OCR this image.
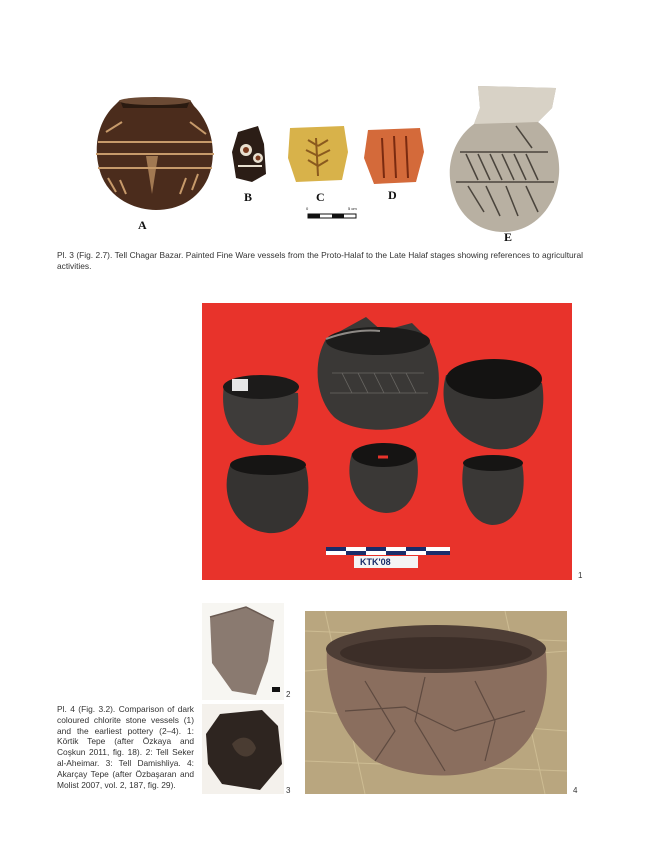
A
B	C	D
E
0	5 cm
Pl. 3 (Fig. 2.7). Tell Chagar Bazar. Painted Fine Ware vessels from the Proto-Halaf to the Late Halaf stages showing references to agricultural activities.
KTK'08
1
2
3	4
Pl. 4 (Fig. 3.2). Comparison of dark coloured chlorite stone vessels (1) and the earliest pottery (2–4). 1: Körtik Tepe (after Özkaya and Coşkun 2011, fig. 18). 2: Tell Seker al-Aheimar. 3: Tell Damishliya. 4: Akarçay Tepe (after Özbaşaran and Molist 2007, vol. 2, 187, fig. 29).
